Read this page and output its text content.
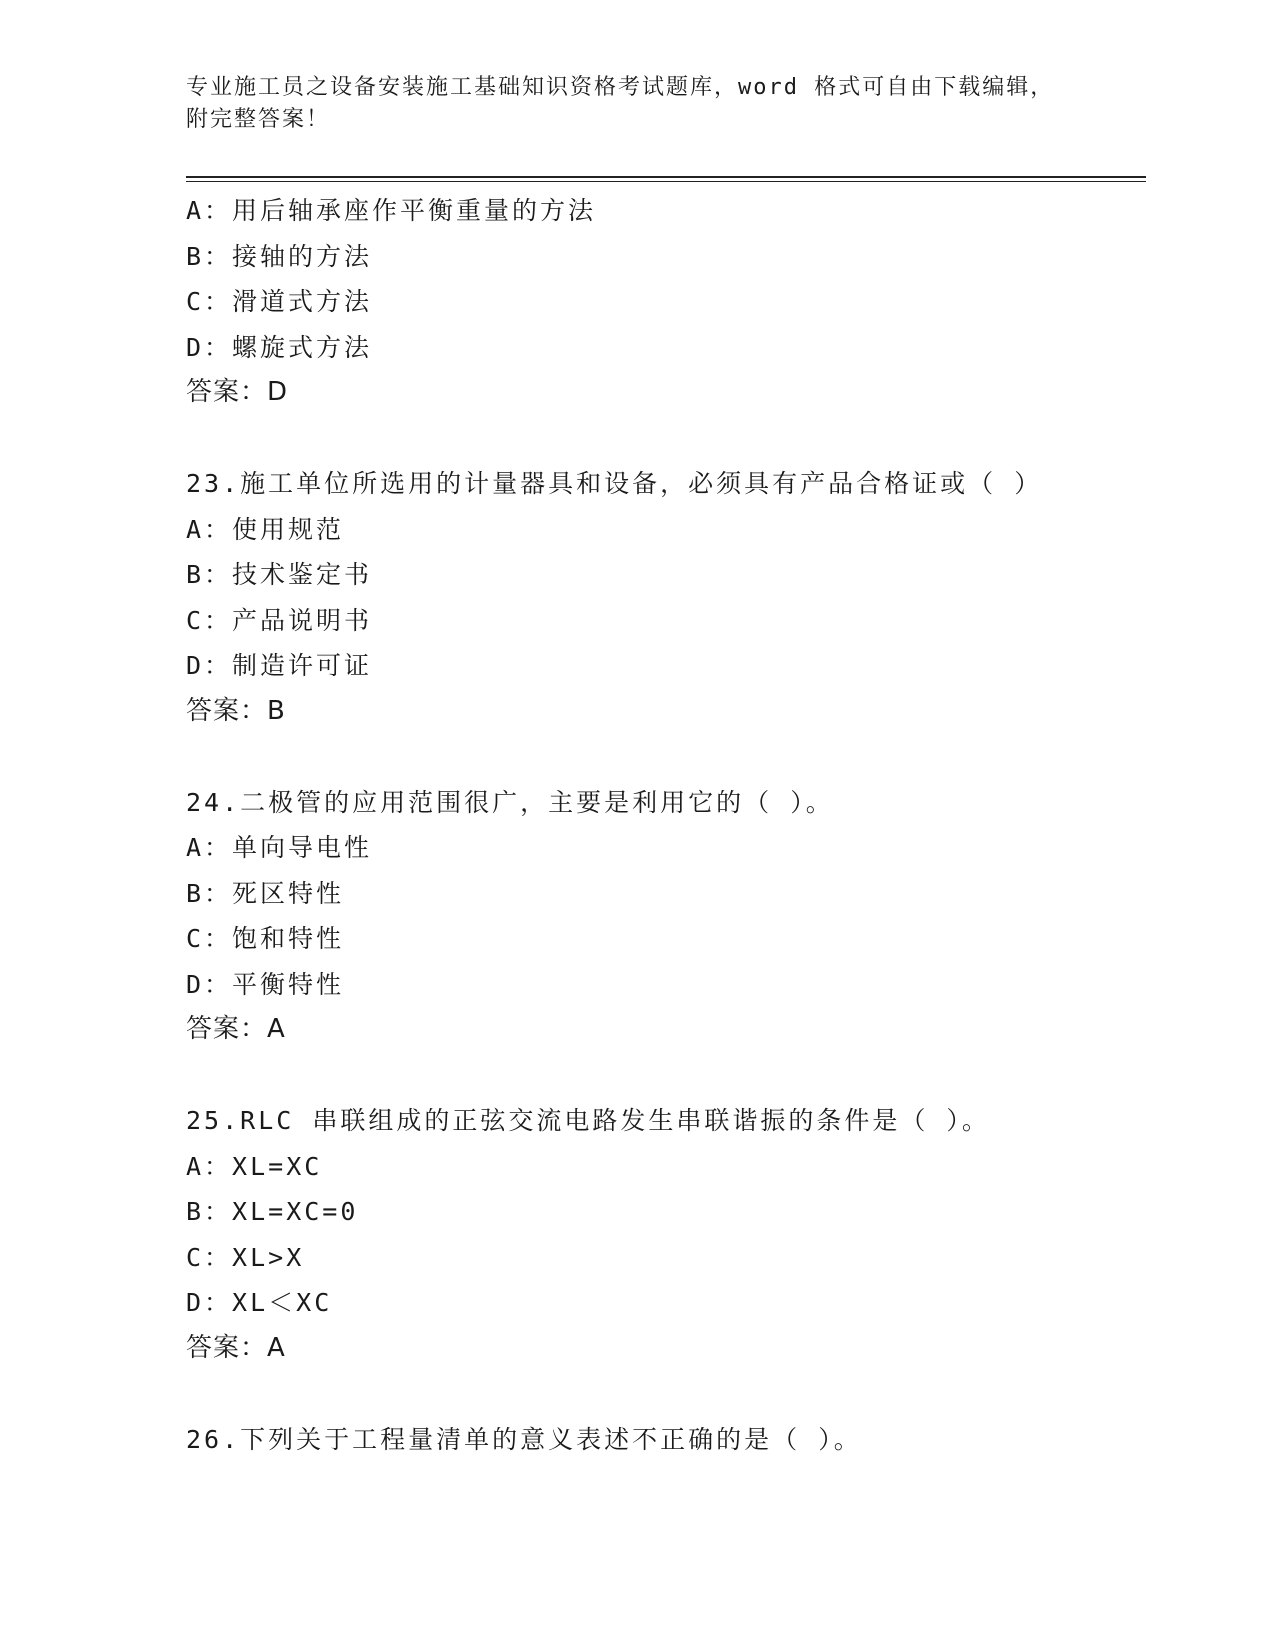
专业施工员之设备安装施工基础知识资格考试题库，word 格式可自由下载编辑，
附完整答案！
A：用后轴承座作平衡重量的方法
B：接轴的方法
C：滑道式方法
D：螺旋式方法
答案：D
23.施工单位所选用的计量器具和设备，必须具有产品合格证或（ ）
A：使用规范
B：技术鉴定书
C：产品说明书
D：制造许可证
答案：B
24.二极管的应用范围很广，主要是利用它的（ ）。
A：单向导电性
B：死区特性
C：饱和特性
D：平衡特性
答案：A
25.RLC 串联组成的正弦交流电路发生串联谐振的条件是（ ）。
A：XL=XC
B：XL=XC=0
C：XL>X
D：XL＜XC
答案：A
26.下列关于工程量清单的意义表述不正确的是（ ）。
